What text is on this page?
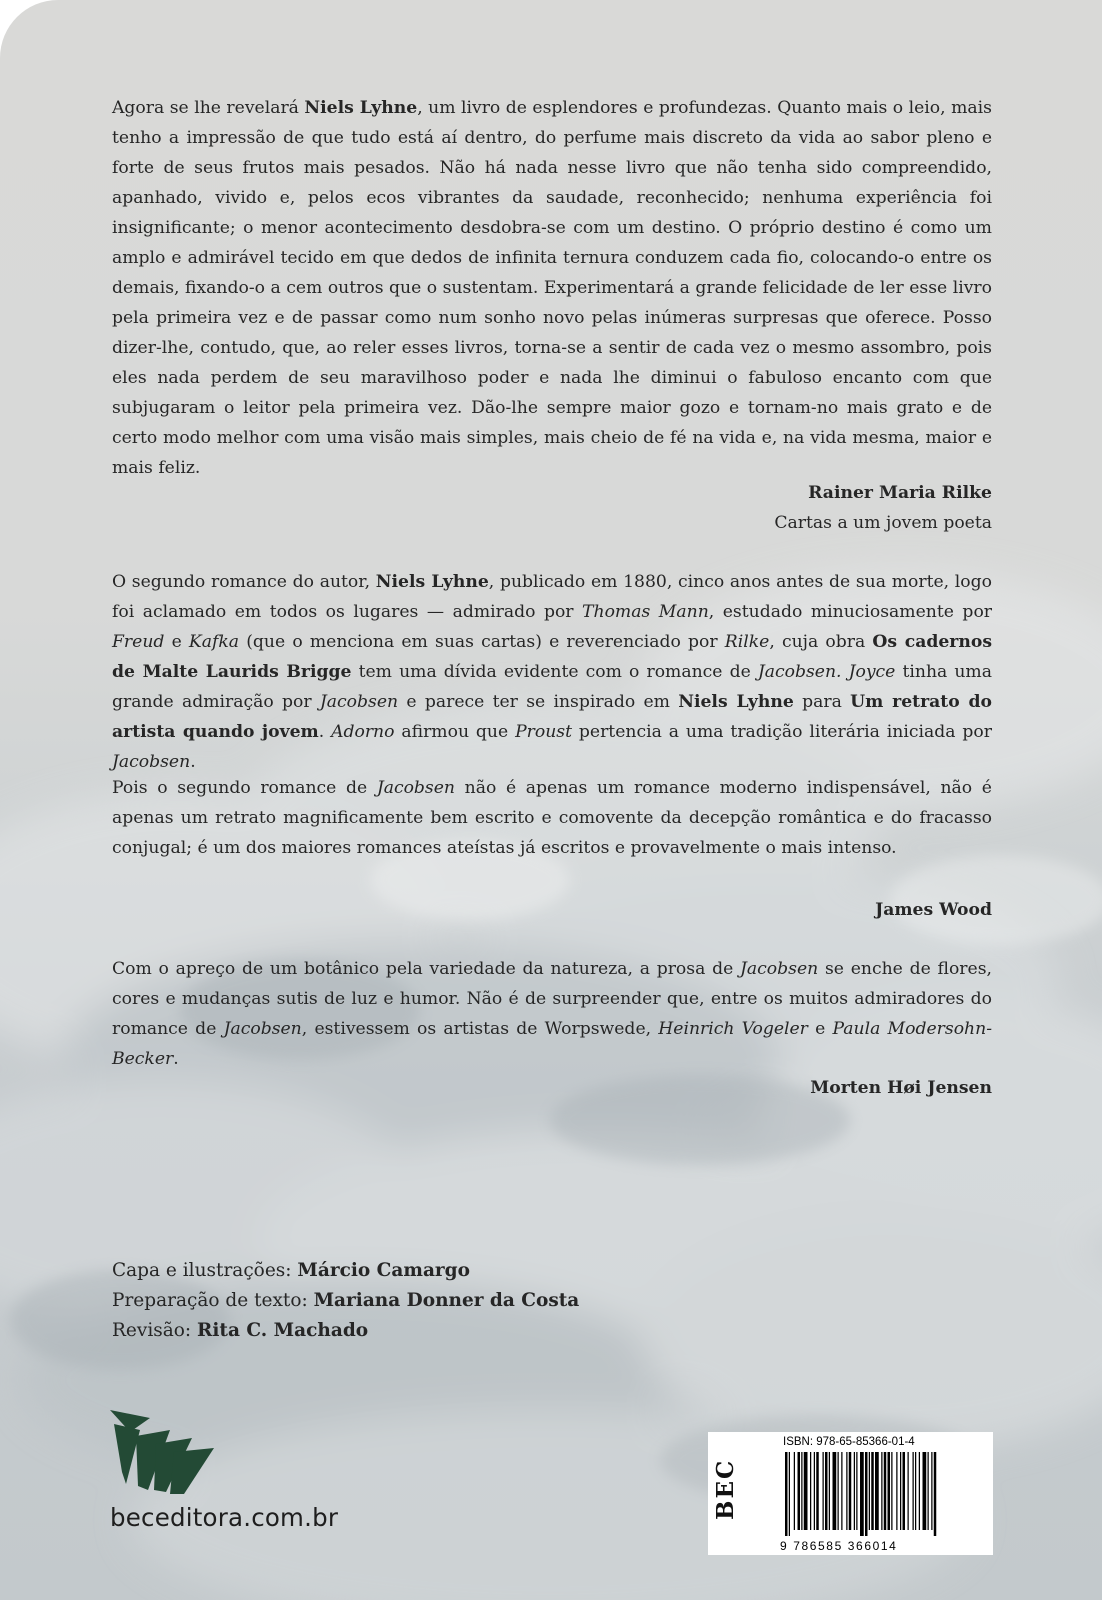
Agora se lhe revelará Niels Lyhne, um livro de esplendores e profundezas. Quanto mais o leio, mais tenho a impressão de que tudo está aí dentro, do perfume mais discreto da vida ao sabor pleno e forte de seus frutos mais pesados. Não há nada nesse livro que não tenha sido compreendido, apanhado, vivido e, pelos ecos vibrantes da saudade, reconhecido; nenhuma experiência foi insignificante; o menor acontecimento desdobra-se com um destino. O próprio destino é como um amplo e admirável tecido em que dedos de infinita ternura conduzem cada fio, colocando-o entre os demais, fixando-o a cem outros que o sustentam. Experimentará a grande felicidade de ler esse livro pela primeira vez e de passar como num sonho novo pelas inúmeras surpresas que oferece. Posso dizer-lhe, contudo, que, ao reler esses livros, torna-se a sentir de cada vez o mesmo assombro, pois eles nada perdem de seu maravilhoso poder e nada lhe diminui o fabuloso encanto com que subjugaram o leitor pela primeira vez. Dão-lhe sempre maior gozo e tornam-no mais grato e de certo modo melhor com uma visão mais simples, mais cheio de fé na vida e, na vida mesma, maior e mais feliz.

Rainer Maria Rilke
Cartas a um jovem poeta

O segundo romance do autor, Niels Lyhne, publicado em 1880, cinco anos antes de sua morte, logo foi aclamado em todos os lugares — admirado por Thomas Mann, estudado minuciosamente por Freud e Kafka (que o menciona em suas cartas) e reverenciado por Rilke, cuja obra Os cadernos de Malte Laurids Brigge tem uma dívida evidente com o romance de Jacobsen. Joyce tinha uma grande admiração por Jacobsen e parece ter se inspirado em Niels Lyhne para Um retrato do artista quando jovem. Adorno afirmou que Proust pertencia a uma tradição literária iniciada por Jacobsen.

Pois o segundo romance de Jacobsen não é apenas um romance moderno indispensável, não é apenas um retrato magnificamente bem escrito e comovente da decepção romântica e do fracasso conjugal; é um dos maiores romances ateístas já escritos e provavelmente o mais intenso.

James Wood

Com o apreço de um botânico pela variedade da natureza, a prosa de Jacobsen se enche de flores, cores e mudanças sutis de luz e humor. Não é de surpreender que, entre os muitos admiradores do romance de Jacobsen, estivessem os artistas de Worpswede, Heinrich Vogeler e Paula Modersohn-Becker.

Morten Høi Jensen

Capa e ilustrações: Márcio Camargo
Preparação de texto: Mariana Donner da Costa
Revisão: Rita C. Machado
beceditora.com.br
ISBN: 978-65-85366-01-4
BEC
9 786585 366014
